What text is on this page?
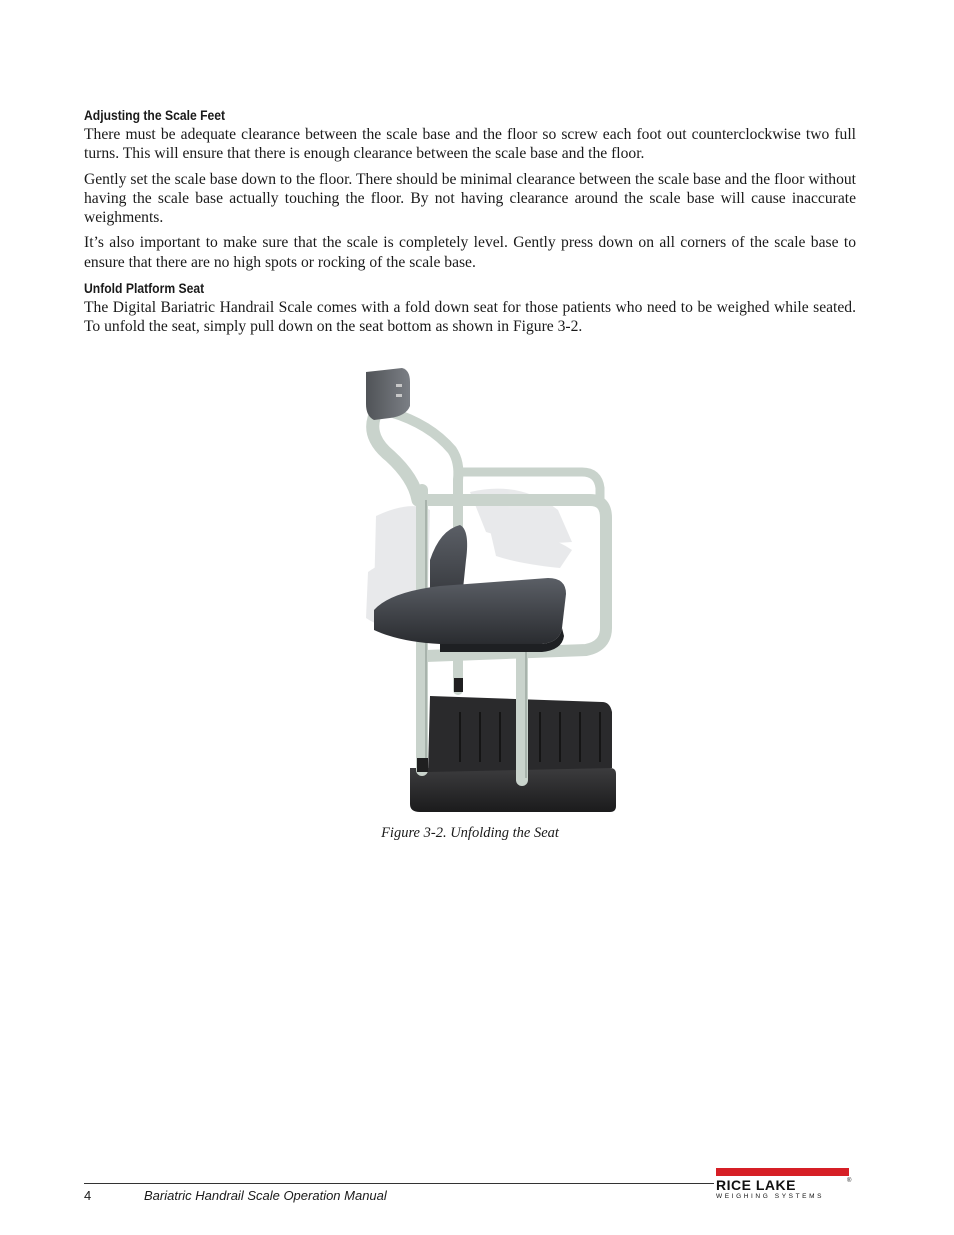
Adjusting the Scale Feet

There must be adequate clearance between the scale base and the floor so screw each foot out counterclockwise two full turns. This will ensure that there is enough clearance between the scale base and the floor.

Gently set the scale base down to the floor. There should be minimal clearance between the scale base and the floor without having the scale base actually touching the floor. By not having clearance around the scale base will cause inaccurate weighments.

It’s also important to make sure that the scale is completely level. Gently press down on all corners of the scale base to ensure that there are no high spots or rocking of the scale base.

Unfold Platform Seat

The Digital Bariatric Handrail Scale comes with a fold down seat for those patients who need to be weighed while seated. To unfold the seat, simply pull down on the seat bottom as shown in Figure 3-2.

Figure 3-2. Unfolding the Seat
4	Bariatric Handrail Scale Operation Manual
RICE LAKE	®
WEIGHING SYSTEMS
